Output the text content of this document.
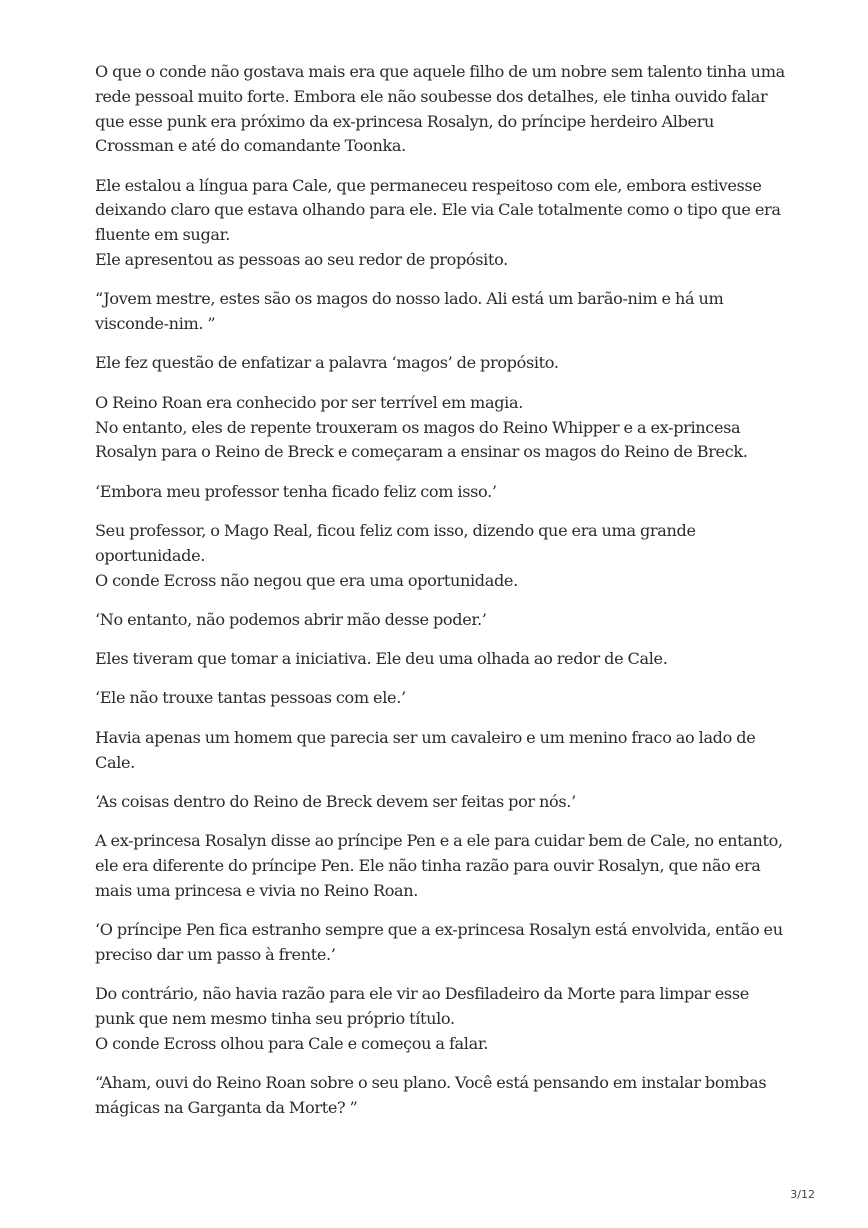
O que o conde não gostava mais era que aquele filho de um nobre sem talento tinha uma
rede pessoal muito forte. Embora ele não soubesse dos detalhes, ele tinha ouvido falar
que esse punk era próximo da ex-princesa Rosalyn, do príncipe herdeiro Alberu
Crossman e até do comandante Toonka.

Ele estalou a língua para Cale, que permaneceu respeitoso com ele, embora estivesse
deixando claro que estava olhando para ele. Ele via Cale totalmente como o tipo que era
fluente em sugar.
Ele apresentou as pessoas ao seu redor de propósito.

“Jovem mestre, estes são os magos do nosso lado. Ali está um barão-nim e há um
visconde-nim. ”

Ele fez questão de enfatizar a palavra ‘magos’ de propósito.

O Reino Roan era conhecido por ser terrível em magia.
No entanto, eles de repente trouxeram os magos do Reino Whipper e a ex-princesa
Rosalyn para o Reino de Breck e começaram a ensinar os magos do Reino de Breck.

‘Embora meu professor tenha ficado feliz com isso.’

Seu professor, o Mago Real, ficou feliz com isso, dizendo que era uma grande
oportunidade.
O conde Ecross não negou que era uma oportunidade.

‘No entanto, não podemos abrir mão desse poder.’

Eles tiveram que tomar a iniciativa. Ele deu uma olhada ao redor de Cale.

‘Ele não trouxe tantas pessoas com ele.’

Havia apenas um homem que parecia ser um cavaleiro e um menino fraco ao lado de
Cale.

‘As coisas dentro do Reino de Breck devem ser feitas por nós.’

A ex-princesa Rosalyn disse ao príncipe Pen e a ele para cuidar bem de Cale, no entanto,
ele era diferente do príncipe Pen. Ele não tinha razão para ouvir Rosalyn, que não era
mais uma princesa e vivia no Reino Roan.

‘O príncipe Pen fica estranho sempre que a ex-princesa Rosalyn está envolvida, então eu
preciso dar um passo à frente.’

Do contrário, não havia razão para ele vir ao Desfiladeiro da Morte para limpar esse
punk que nem mesmo tinha seu próprio título.
O conde Ecross olhou para Cale e começou a falar.

“Aham, ouvi do Reino Roan sobre o seu plano. Você está pensando em instalar bombas
mágicas na Garganta da Morte? ”

3/12
